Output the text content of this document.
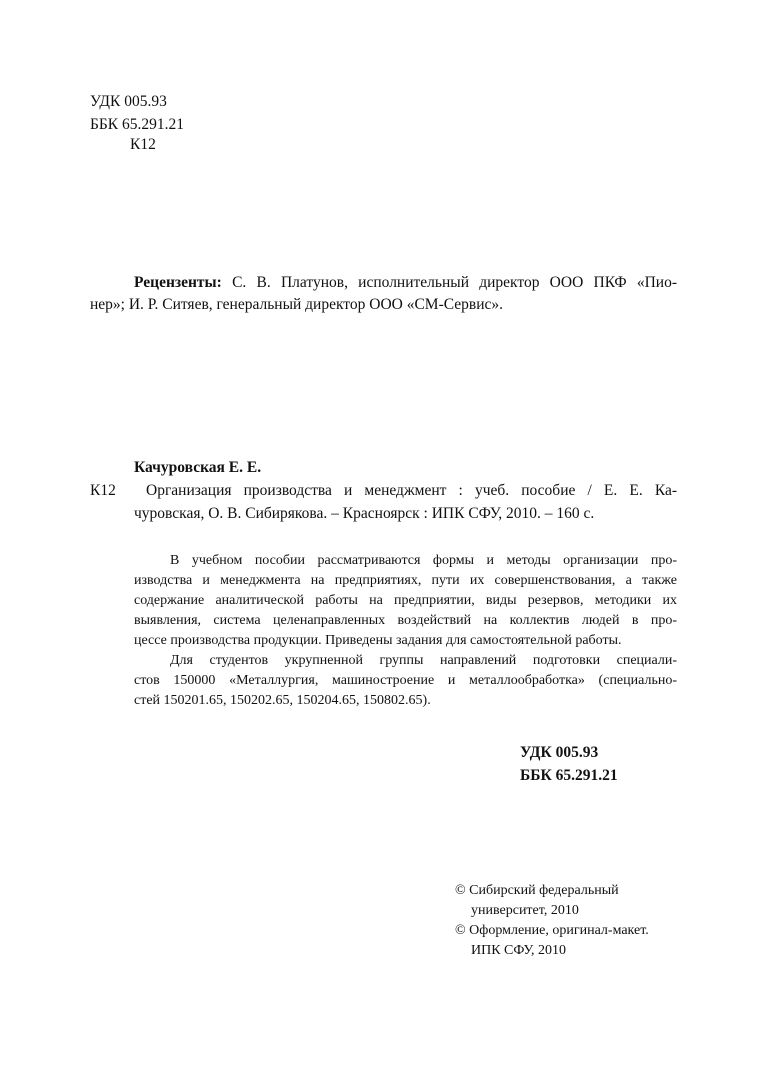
УДК 005.93
ББК 65.291.21
К12
Рецензенты: С. В. Платунов, исполнительный директор ООО ПКФ «Пио-
нер»; И. Р. Ситяев, генеральный директор ООО «СМ-Сервис».
Качуровская Е. Е.
К12 Организация производства и менеджмент : учеб. пособие / Е. Е. Ка-
чуровская, О. В. Сибирякова. – Красноярск : ИПК СФУ, 2010. – 160 с.
В учебном пособии рассматриваются формы и методы организации про-
изводства и менеджмента на предприятиях, пути их совершенствования, а также
содержание аналитической работы на предприятии, виды резервов, методики их
выявления, система целенаправленных воздействий на коллектив людей в про-
цессе производства продукции. Приведены задания для самостоятельной работы.
Для студентов укрупненной группы направлений подготовки специали-
стов 150000 «Металлургия, машиностроение и металлообработка» (специально-
стей 150201.65, 150202.65, 150204.65, 150802.65).
УДК 005.93
ББК 65.291.21
© Сибирский федеральный
университет, 2010
© Оформление, оригинал-макет.
ИПК СФУ, 2010
